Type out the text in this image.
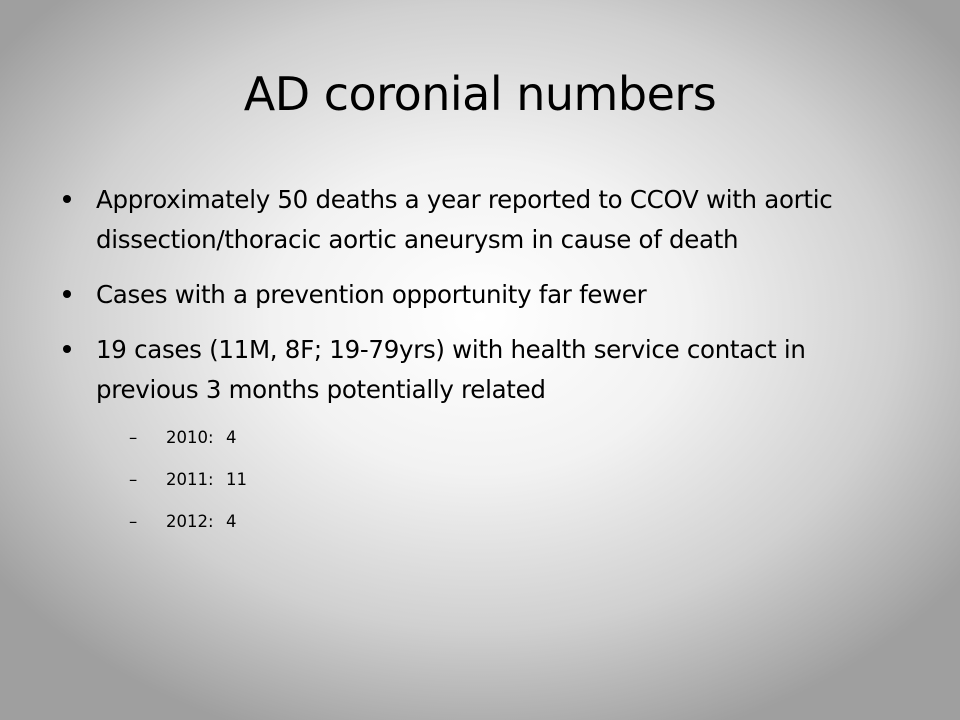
AD coronial numbers
Approximately 50 deaths a year reported to CCOV with aortic dissection/thoracic aortic aneurysm in cause of death
Cases with a prevention opportunity far fewer
19 cases (11M, 8F; 19-79yrs) with health service contact in previous 3 months potentially related
– 2010: 4
– 2011: 11
– 2012: 4
